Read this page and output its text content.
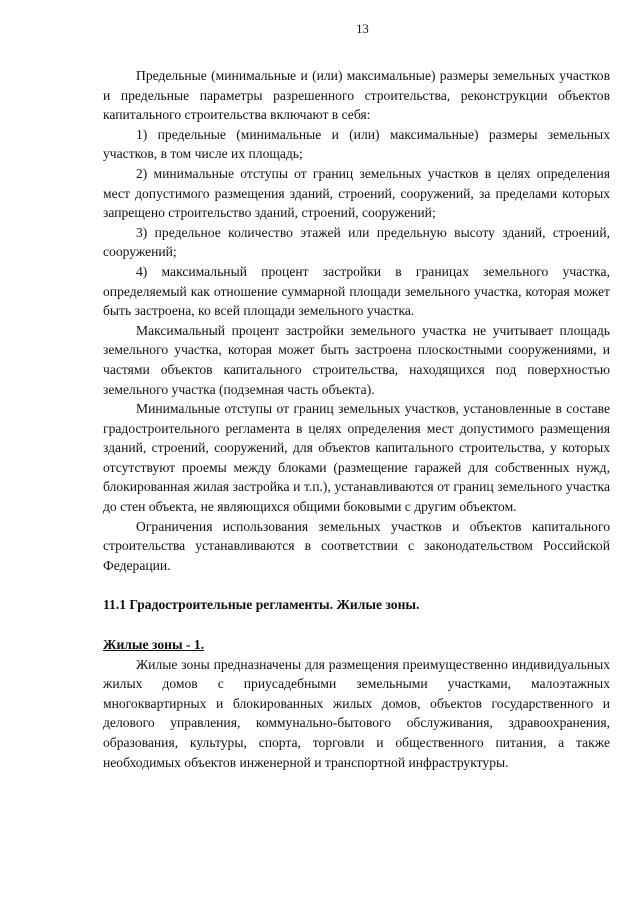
13

Предельные (минимальные и (или) максимальные) размеры земельных участков и предельные параметры разрешенного строительства, реконструкции объектов капитального строительства включают в себя:

1) предельные (минимальные и (или) максимальные) размеры земельных участков, в том числе их площадь;

2) минимальные отступы от границ земельных участков в целях определения мест допустимого размещения зданий, строений, сооружений, за пределами которых запрещено строительство зданий, строений, сооружений;

3) предельное количество этажей или предельную высоту зданий, строений, сооружений;

4) максимальный процент застройки в границах земельного участка, определяемый как отношение суммарной площади земельного участка, которая может быть застроена, ко всей площади земельного участка.

Максимальный процент застройки земельного участка не учитывает площадь земельного участка, которая может быть застроена плоскостными сооружениями, и частями объектов капитального строительства, находящихся под поверхностью земельного участка (подземная часть объекта).

Минимальные отступы от границ земельных участков, установленные в составе градостроительного регламента в целях определения мест допустимого размещения зданий, строений, сооружений, для объектов капитального строительства, у которых отсутствуют проемы между блоками (размещение гаражей для собственных нужд, блокированная жилая застройка и т.п.), устанавливаются от границ земельного участка до стен объекта, не являющихся общими боковыми с другим объектом.

Ограничения использования земельных участков и объектов капитального строительства устанавливаются в соответствии с законодательством Российской Федерации.

11.1 Градостроительные регламенты. Жилые зоны.
Жилые зоны - 1.

Жилые зоны предназначены для размещения преимущественно индивидуальных жилых домов с приусадебными земельными участками, малоэтажных многоквартирных и блокированных жилых домов, объектов государственного и делового управления, коммунально-бытового обслуживания, здравоохранения, образования, культуры, спорта, торговли и общественного питания, а также необходимых объектов инженерной и транспортной инфраструктуры.
